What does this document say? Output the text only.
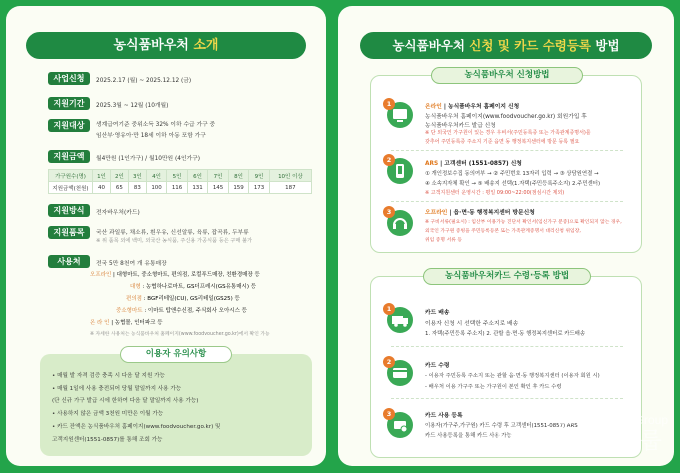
농식품바우처 소개
사업신청	2025.2.17 (월) ~ 2025.12.12 (금)
지원기간	2025.3월 ~ 12월 (10개월)
지원대상	생계급여기준 중위소득 32% 이하 수급 가구 중
임산부·영유아·만 18세 이하 아동 포함 가구
지원금액	월4만원 (1인가구) / 월10만원 (4인가구)
가구원수(명)	1인	2인	3인	4인	5인	6인	7인	8인	9인	10인 이상
지원금액(천원)	40	65	83	100	116	131	145	159	173	187
지원방식	전자바우처(카드)
지원품목	국산 과일류, 채소류, 흰우유, 신선알류, 육류, 잡곡류, 두부류
※ 위 품목 외에 백미, 외국산 농식품, 주신용 가공식품 등은 구매 불가
사용처	전국 5만 8천여 개 유통매장
오프라인 | 대형마트, 중소형마트, 편의점, 로컬푸드매장, 친환경매장 등
대형 : 농협하나로마트, GS더프레시(GS유통매시) 등
편의점 : BGF리테일(CU), GS리테일(GS25) 등
중소형마트 : 이마트 탑앤수신점, 주식회사 오아시스 등
온 라 인 | 농협몰, 인터파크 등
※ 자세한 사용처는 농식품바우처 홈페이지(www.foodvoucher.go.kr)에서 확인 가능
이용자 유의사항
• 매월 발 자격 검증 충족 시 다음 달 지원 가능
• 매월 1일에 사용 충전되어 당월 말일까지 사용 가능
(단 신규 가구 발급 시에 한하여 다음 달 말일까지 사용 가능)
• 사용하지 않은 금액 3천원 미만은 이월 가능
• 카드 잔액은 농식품바우처 홈페이지(www.foodvoucher.go.kr) 및
고객지원센터(1551-0857)를 통해 조회 가능
농식품바우처 신청 및 카드 수령등록 방법
농식품바우처 신청방법
1	온라인 | 농식품바우처 홈페이지 신청
농식품바우처 홈페이지(www.foodvoucher.go.kr) 회원가입 후
농식품바우처카드 발급 신청
※ 단 외국인 가구원이 있는 경우 우비서(주민등록증 또는 가족관계증명서)를
갖추어 주민등록증 주소지 기준 읍면 동 행정복지센터에 방문 등록 필요
2	ARS | 고객센터 (1551-0857) 신청
① 개인정보수집 동의여부 → ② 주민번호 13자리 입력 → ③ 상담원연결 →
④ 소속지자체 확인 → ⑤ 배송지 선택(1.자택(주민등록주소지) 2.주민센터)
※ 고객지원센터 운영시간 : 평일 09:00~22:00(점심시간 제외)
3	오프라인 | 읍·면·동 행정복지센터 방문신청
※ 구비서류(필요시) : 임산부 이용가능 진단서 확인서(임신가구 분증)으로 확인되지 않는 경우,
외국인 가구원 증빙을 주민등록등본 또는 가족관계증명서 대리신청 위임장,
위임 증명 서류 등
농식품바우처카드 수령·등록 방법
1	카드 배송
이용자 신청 시 선택한 주소지로 배송
1. 자택(주민등록 주소지) 2. 관할 읍·면·동 행정복지센터로 카드배송
2	카드 수령
- 이용자 주민등록 주소지 또는 관할 읍·면·동 행정복지센터 (이용자 회원 시)
- 배우처 이용 가구주 또는 가구원이 본인 확인 후 카드 수령
3	카드 사용 등록
이용자(가구주,가구원) 카드 수령 후 고객센터(1551-0857) ARS
카드 사용등록을 통해 카드 사용 가능
DamyahMediaGroup
담양미디어그룹
